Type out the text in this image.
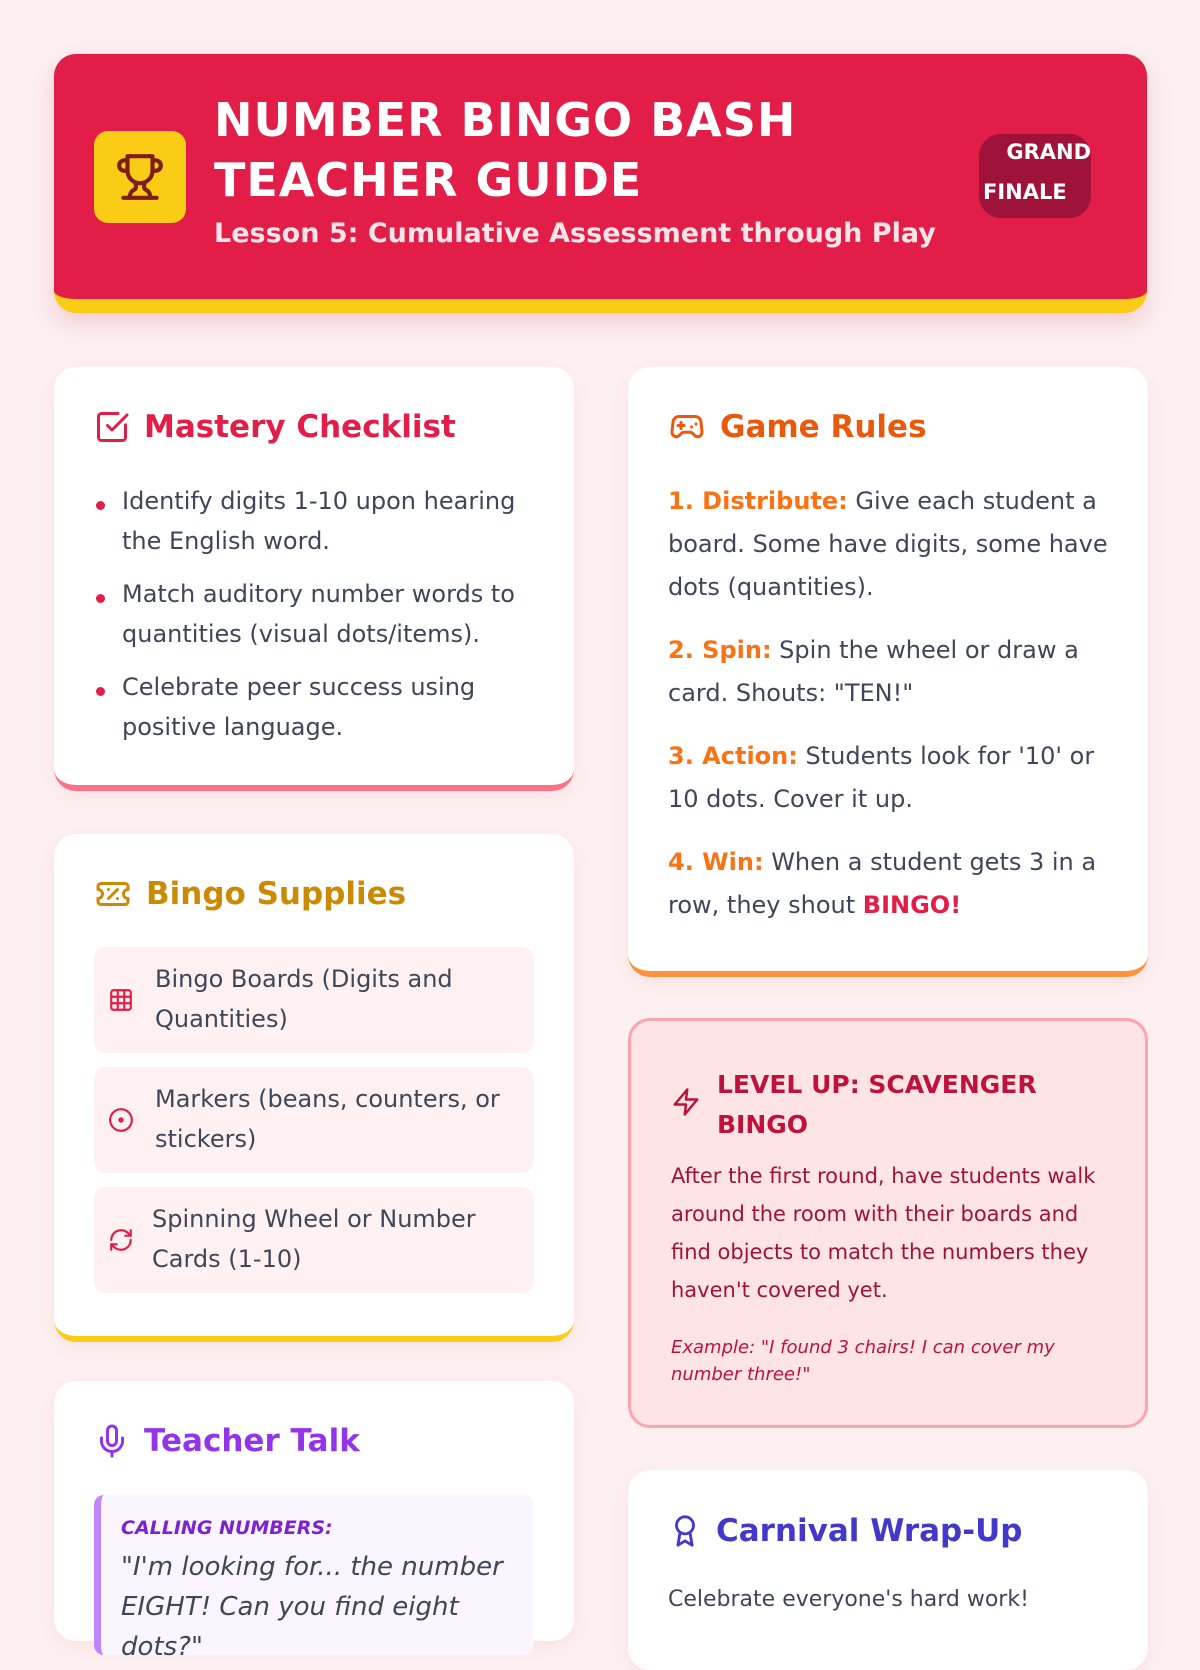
NUMBER BINGO BASH
TEACHER GUIDE
Lesson 5: Cumulative Assessment through Play
GRAND
FINALE
Mastery Checklist
Identify digits 1-10 upon hearing the English word.
Match auditory number words to quantities (visual dots/items).
Celebrate peer success using positive language.
Bingo Supplies
Bingo Boards (Digits and Quantities)
Markers (beans, counters, or stickers)
Spinning Wheel or Number Cards (1-10)
Teacher Talk
CALLING NUMBERS:
"I'm looking for... the number EIGHT! Can you find eight dots?"
Game Rules
1. Distribute: Give each student a board. Some have digits, some have dots (quantities).
2. Spin: Spin the wheel or draw a card. Shouts: "TEN!"
3. Action: Students look for '10' or 10 dots. Cover it up.
4. Win: When a student gets 3 in a row, they shout BINGO!
LEVEL UP: SCAVENGER BINGO
After the first round, have students walk around the room with their boards and find objects to match the numbers they haven't covered yet.
Example: "I found 3 chairs! I can cover my number three!"
Carnival Wrap-Up
Celebrate everyone's hard work!
